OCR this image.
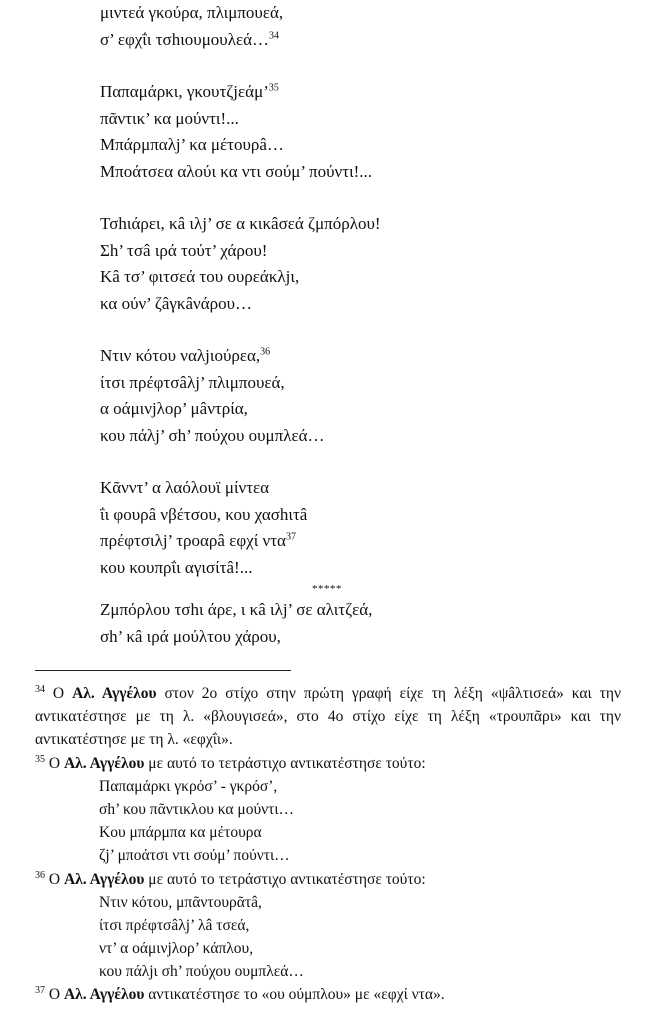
μιντεά γκούρα, πλιμπουεά,
σ’ εφχΐι τσhιουμουλεά…$^{34}$
Παπαμάρκι, γκουτζjεάμ’$^{35}$
πᾶντικ’ κα μούντι!...
Μπάρμπαλj’ κα μέτουρâ…
Μποάτσεα αλούι κα ντι σούμ’ πούντι!...
Τσhιάρει, κâ ιλj’ σε α κικâσεά ζμπόρλου!
Σh’ τσâ ιρά τούτ’ χάρου!
Κâ τσ’ φιτσεά του ουρεάκλjι,
κα ούν’ ζâγκâνάρου…
Ντιν κότου ναλjιούρεα,$^{36}$
ίτσι πρέφτσâλj’ πλιμπουεά,
α οάμινjλορ’ μâντρία,
κου πάλj’ σh’ πούχου ουμπλεά…
Κᾶνντ’ α λαόλουϊ μίντεα
ΐι φουρâ νβέτσου, κου χασhιτâ
πρέφτσιλj’ τροαρâ εφχί ντα$^{37}$
κου κουπρΐι αγισίτâ!...
*****
Ζμπόρλου τσhι άρε, ι κâ ιλj’ σε αλιτζεά,
σh’ κâ ιρά μούλτου χάρου,
$^{34}$ Ο Αλ. Αγγέλου στον 2ο στίχο στην πρώτη γραφή είχε τη λέξη «ψâλτισεά» και την αντικατέστησε με τη λ. «βλουγισεά», στο 4ο στίχο είχε τη λέξη «τρουπᾶρι» και την αντικατέστησε με τη λ. «εφχΐι».
$^{35}$ Ο Αλ. Αγγέλου με αυτό το τετράστιχο αντικατέστησε τούτο:
Παπαμάρκι γκρόσ’ - γκρόσ’,
σh’ κου πᾶντικλου κα μούντι…
Κου μπάρμπα κα μέτουρα
ζj’ μποάτσι ντι σούμ’ πούντι…
$^{36}$ Ο Αλ. Αγγέλου με αυτό το τετράστιχο αντικατέστησε τούτο:
Ντιν κότου, μπᾶντουρᾶτâ,
ίτσι πρέφτσâλj’ λâ τσεά,
ντ’ α οάμινjλορ’ κάπλου,
κου πάλjι σh’ πούχου ουμπλεά…
$^{37}$ Ο Αλ. Αγγέλου αντικατέστησε το «ου ούμπλου» με «εφχί ντα».
